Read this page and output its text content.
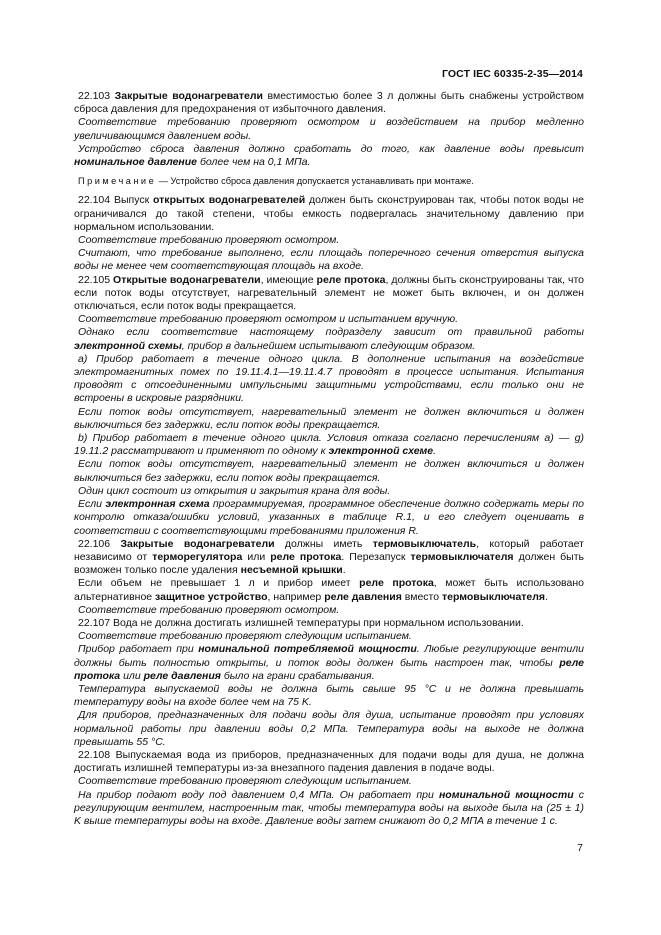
ГОСТ IEC 60335-2-35—2014

22.103 Закрытые водонагреватели вместимостью более 3 л должны быть снабжены устройством сброса давления для предохранения от избыточного давления.

Соответствие требованию проверяют осмотром и воздействием на прибор медленно увеличивающимся давлением воды.

Устройство сброса давления должно сработать до того, как давление воды превысит номинальное давление более чем на 0,1 МПа.

Примечание — Устройство сброса давления допускается устанавливать при монтаже.

22.104 Выпуск открытых водонагревателей должен быть сконструирован так, чтобы поток воды не ограничивался до такой степени, чтобы емкость подвергалась значительному давлению при нормальном использовании.

Соответствие требованию проверяют осмотром.

Считают, что требование выполнено, если площадь поперечного сечения отверстия выпуска воды не менее чем соответствующая площадь на входе.

22.105 Открытые водонагреватели, имеющие реле протока, должны быть сконструированы так, что если поток воды отсутствует, нагревательный элемент не может быть включен, и он должен отключаться, если поток воды прекращается.

Соответствие требованию проверяют осмотром и испытанием вручную.

Однако если соответствие настоящему подразделу зависит от правильной работы электронной схемы, прибор в дальнейшем испытывают следующим образом.

a) Прибор работает в течение одного цикла. В дополнение испытания на воздействие электромагнитных помех по 19.11.4.1—19.11.4.7 проводят в процессе испытания. Испытания проводят с отсоединенными импульсными защитными устройствами, если только они не встроены в искровые разрядники.

Если поток воды отсутствует, нагревательный элемент не должен включиться и должен выключиться без задержки, если поток воды прекращается.

b) Прибор работает в течение одного цикла. Условия отказа согласно перечислениям a) — g) 19.11.2 рассматривают и применяют по одному к электронной схеме.

Если поток воды отсутствует, нагревательный элемент не должен включиться и должен выключиться без задержки, если поток воды прекращается.

Один цикл состоит из открытия и закрытия крана для воды.

Если электронная схема программируемая, программное обеспечение должно содержать меры по контролю отказа/ошибки условий, указанных в таблице R.1, и его следует оценивать в соответствии с соответствующими требованиями приложения R.

22.106 Закрытые водонагреватели должны иметь термовыключатель, который работает независимо от терморегулятора или реле протока. Перезапуск термовыключателя должен быть возможен только после удаления несъемной крышки.

Если объем не превышает 1 л и прибор имеет реле протока, может быть использовано альтернативное защитное устройство, например реле давления вместо термовыключателя.

Соответствие требованию проверяют осмотром.

22.107 Вода не должна достигать излишней температуры при нормальном использовании.

Соответствие требованию проверяют следующим испытанием.

Прибор работает при номинальной потребляемой мощности. Любые регулирующие вентили должны быть полностью открыты, и поток воды должен быть настроен так, чтобы реле протока или реле давления было на грани срабатывания.

Температура выпускаемой воды не должна быть свыше 95 °С и не должна превышать температуру воды на входе более чем на 75 K.

Для приборов, предназначенных для подачи воды для душа, испытание проводят при условиях нормальной работы при давлении воды 0,2 МПа. Температура воды на выходе не должна превышать 55 °С.

22.108 Выпускаемая вода из приборов, предназначенных для подачи воды для душа, не должна достигать излишней температуры из-за внезапного падения давления в подаче воды.

Соответствие требованию проверяют следующим испытанием.

На прибор подают воду под давлением 0,4 МПа. Он работает при номинальной мощности с регулирующим вентилем, настроенным так, чтобы температура воды на выходе была на (25 ± 1) K выше температуры воды на входе. Давление воды затем снижают до 0,2 МПА в течение 1 с.

7
